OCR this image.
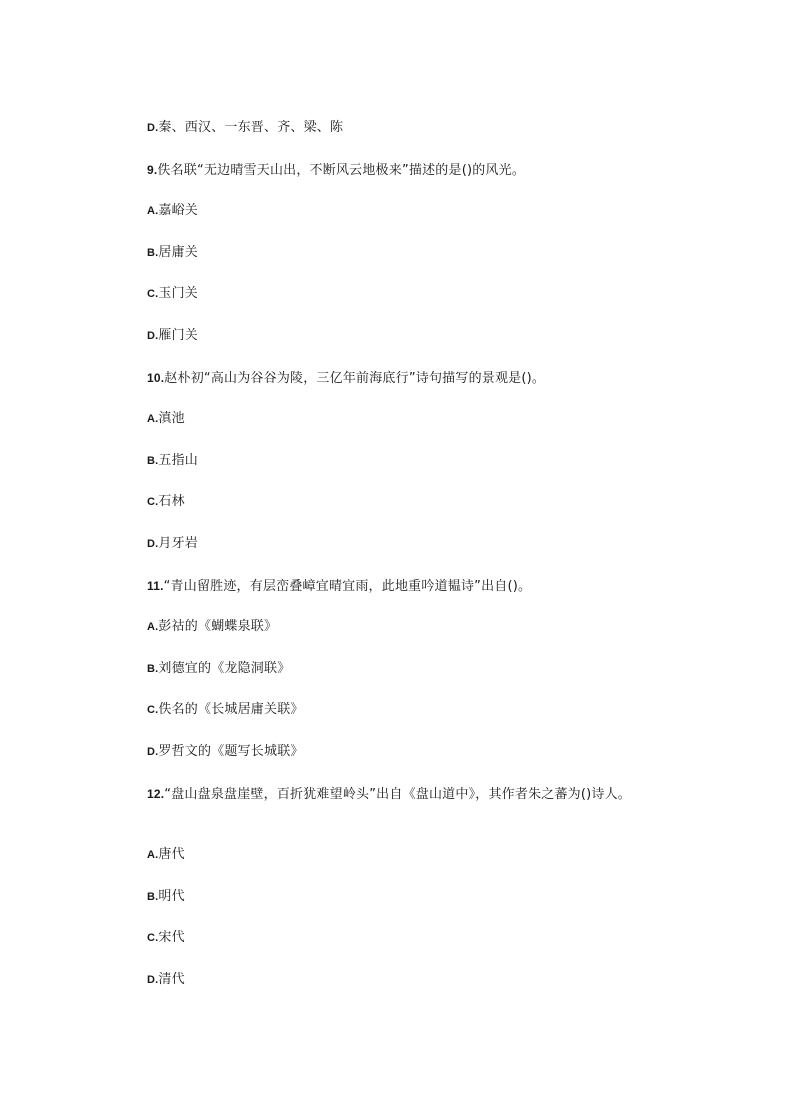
D.秦、西汉、一东晋、齐、梁、陈
9.佚名联“无边晴雪天山出，不断风云地极来”描述的是()的风光。
A.嘉峪关
B.居庸关
C.玉门关
D.雁门关
10.赵朴初“高山为谷谷为陵，三亿年前海底行”诗句描写的景观是()。
A.滇池
B.五指山
C.石林
D.月牙岩
11.“青山留胜迹，有层峦叠嶂宜晴宜雨，此地重吟道韫诗”出自()。
A.彭祜的《蝴蝶泉联》
B.刘德宜的《龙隐洞联》
C.佚名的《长城居庸关联》
D.罗哲文的《题写长城联》
12.“盘山盘泉盘崖壁，百折犹难望岭头”出自《盘山道中》，其作者朱之蕃为()诗人。
A.唐代
B.明代
C.宋代
D.清代
